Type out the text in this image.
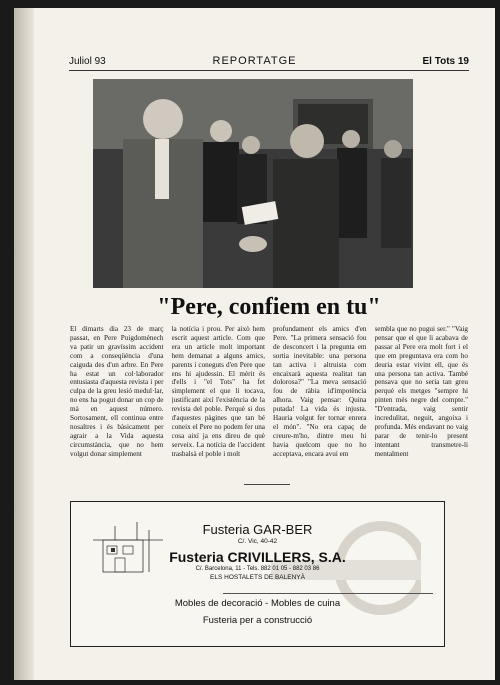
Juliol 93	REPORTATGE	El Tots 19
"Pere, confiem en tu"

El dimarts dia 23 de març passat, en Pere Puigdomènech va patir un gravíssim accident com a conseqüència d'una caiguda des d'un arbre. En Pere ha estat un col·laborador entusiasta d'aquesta revista i per culpa de la greu lesió medul·lar, no ens ha pogut donar un cop de mà en aquest número. Sortosament, ell continua entre nosaltres i és bàsicament per agrair a la Vida aquesta circumstància, que no hem volgut donar simplement

la notícia i prou. Per això hem escrit aquest article. Com que era un article molt important hem demanat a alguns amics, parents i coneguts d'en Pere que ens hi ajudessin. El mèrit és d'ells i "el Tots" ha fet simplement el que li tocava, justificant així l'existència de la revista del poble. Perquè si dos d'aquestes pàgines que tan bé coneix el Pere no podem fer una cosa així ja ens direu de què serveix. La notícia de l'accident trasbalsà el poble i molt

profundament els amics d'en Pere. "La primera sensació fou de desconcert i la pregunta em sortia inevitable: una persona tan activa i altruista com encaixarà aquesta realitat tan dolorosa?" "La meva sensació fou de ràbia id'impotència alhora. Vaig pensar: Quina putada! La vida és injusta. Hauria volgut fer tornar enrera el món". "No era capaç de creure-m'ho, dintre meu hi havia quelcom que no ho acceptava, encara avui em

sembla que no pugui ser." "Vaig pensar que el que li acabava de passar al Pere era molt fort i el que em preguntava era com ho deuria estar vivint ell, que és una persona tan activa. També pensava que no seria tan greu perquè els metges "sempre hi pinten més negre del compte." "D'entrada, vaig sentir incredulitat, neguit, angoixa i profunda. Més endavant no vaig parar de tenir-lo present intentant transmetre-li mentalment

Fusteria GAR-BER
C/. Vic, 40-42
Fusteria CRIVILLERS, S.A.
C/. Barcelona, 11 - Tels. 882 01 05 - 882 03 86
ELS HOSTALETS DE BALENYÀ
Mobles de decoració - Mobles de cuina
Fusteria per a construcció
